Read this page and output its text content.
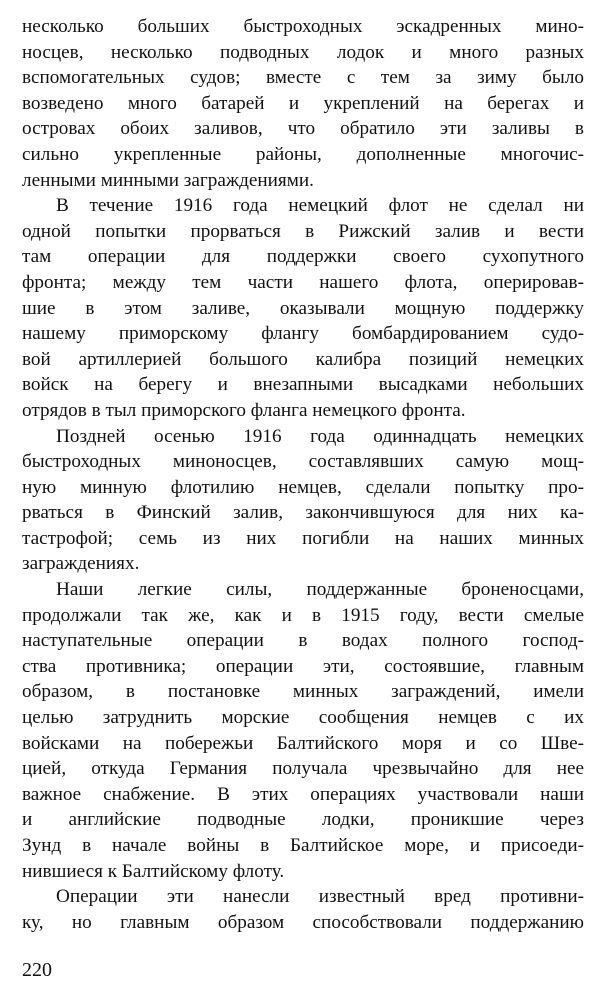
несколько больших быстроходных эскадренных мино-
носцев, несколько подводных лодок и много разных
вспомогательных судов; вместе с тем за зиму было
возведено много батарей и укреплений на берегах и
островах обоих заливов, что обратило эти заливы в
сильно укрепленные районы, дополненные многочис-
ленными минными заграждениями.
В течение 1916 года немецкий флот не сделал ни
одной попытки прорваться в Рижский залив и вести
там операции для поддержки своего сухопутного
фронта; между тем части нашего флота, оперировав-
шие в этом заливе, оказывали мощную поддержку
нашему приморскому флангу бомбардированием судо-
вой артиллерией большого калибра позиций немецких
войск на берегу и внезапными высадками небольших
отрядов в тыл приморского фланга немецкого фронта.
Поздней осенью 1916 года одиннадцать немецких
быстроходных миноносцев, составлявших самую мощ-
ную минную флотилию немцев, сделали попытку про-
рваться в Финский залив, закончившуюся для них ка-
тастрофой; семь из них погибли на наших минных
заграждениях.
Наши легкие силы, поддержанные броненосцами,
продолжали так же, как и в 1915 году, вести смелые
наступательные операции в водах полного господ-
ства противника; операции эти, состоявшие, главным
образом, в постановке минных заграждений, имели
целью затруднить морские сообщения немцев с их
войсками на побережьи Балтийского моря и со Шве-
цией, откуда Германия получала чрезвычайно для нее
важное снабжение. В этих операциях участвовали наши
и английские подводные лодки, проникшие через
Зунд в начале войны в Балтийское море, и присоеди-
нившиеся к Балтийскому флоту.
Операции эти нанесли известный вред противни-
ку, но главным образом способствовали поддержанию
220
